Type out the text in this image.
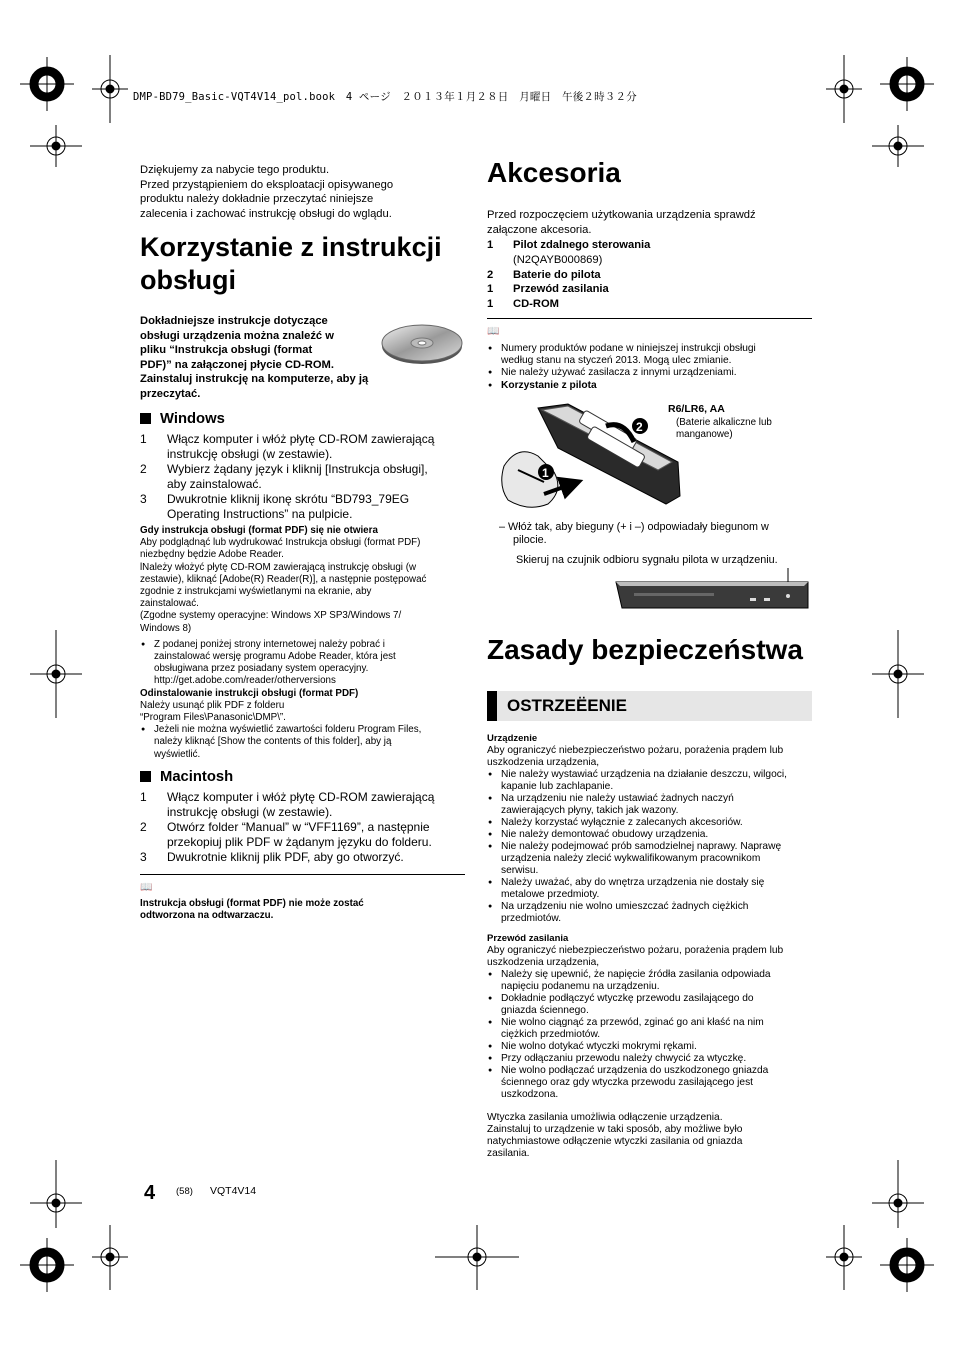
DMP-BD79_Basic-VQT4V14_pol.book　4 ページ　２０１３年１月２８日　月曜日　午後２時３２分
Dziękujemy za nabycie tego produktu.
Przed przystąpieniem do eksploatacji opisywanego
produktu należy dokładnie przeczytać niniejsze
zalecenia i zachować instrukcję obsługi do wglądu.
Korzystanie z instrukcji
obsługi
Dokładniejsze instrukcje dotyczące
obsługi urządzenia można znaleźć w
pliku “Instrukcja obsługi (format
PDF)” na załączonej płycie CD-ROM.
Zainstaluj instrukcję na komputerze, aby ją
przeczytać.
Windows
1 Włącz komputer i włóż płytę CD-ROM zawierającą
instrukcję obsługi (w zestawie).
2 Wybierz żądany język i kliknij [Instrukcja obsługi],
aby zainstalować.
3 Dwukrotnie kliknij ikonę skrótu “BD793_79EG
Operating Instructions” na pulpicie.
Gdy instrukcja obsługi (format PDF) się nie otwiera
Aby podglądnąć lub wydrukować Instrukcja obsługi (format PDF)
niezbędny będzie Adobe Reader.
lNależy włożyć płytę CD-ROM zawierającą instrukcję obsługi (w
zestawie), kliknąć [Adobe(R) Reader(R)], a następnie postępować
zgodnie z instrukcjami wyświetlanymi na ekranie, aby
zainstalować.
(Zgodne systemy operacyjne: Windows XP SP3/Windows 7/
Windows 8)
● Z podanej poniżej strony internetowej należy pobrać i
zainstalować wersję programu Adobe Reader, która jest
obsługiwana przez posiadany system operacyjny.
http://get.adobe.com/reader/otherversions
Odinstalowanie instrukcji obsługi (format PDF)
Należy usunąć plik PDF z folderu
“Program Files\Panasonic\DMP\”.
● Jeżeli nie można wyświetlić zawartości folderu Program Files,
należy kliknąć [Show the contents of this folder], aby ją
wyświetlić.
Macintosh
1 Włącz komputer i włóż płytę CD-ROM zawierającą
instrukcję obsługi (w zestawie).
2 Otwórz folder “Manual” w “VFF1169”, a następnie
przekopiuj plik PDF w żądanym języku do folderu.
3 Dwukrotnie kliknij plik PDF, aby go otworzyć.
📖
Instrukcja obsługi (format PDF) nie może zostać
odtworzona na odtwarzaczu.
Akcesoria
Przed rozpoczęciem użytkowania urządzenia sprawdź
załączone akcesoria.
1 Pilot zdalnego sterowania
(N2QAYB000869)
2 Baterie do pilota
1 Przewód zasilania
1 CD-ROM
📖
● Numery produktów podane w niniejszej instrukcji obsługi
według stanu na styczeń 2013. Mogą ulec zmianie.
● Nie należy używać zasilacza z innymi urządzeniami.
● Korzystanie z pilota
1
2
R6/LR6, AA
(Baterie alkaliczne lub
manganowe)
– Włóż tak, aby bieguny (+ i –) odpowiadały biegunom w
pilocie.
Skieruj na czujnik odbioru sygnału pilota w urządzeniu.
Zasady bezpieczeństwa
OSTRZEËENIE
Urządzenie
Aby ograniczyć niebezpieczeństwo pożaru, porażenia prądem lub
uszkodzenia urządzenia,
● Nie należy wystawiać urządzenia na działanie deszczu, wilgoci,
kapanie lub zachlapanie.
● Na urządzeniu nie należy ustawiać żadnych naczyń
zawierających płyny, takich jak wazony.
● Należy korzystać wyłącznie z zalecanych akcesoriów.
● Nie należy demontować obudowy urządzenia.
● Nie należy podejmować prób samodzielnej naprawy. Naprawę
urządzenia należy zlecić wykwalifikowanym pracownikom
serwisu.
● Należy uważać, aby do wnętrza urządzenia nie dostały się
metalowe przedmioty.
● Na urządzeniu nie wolno umieszczać żadnych ciężkich
przedmiotów.
Przewód zasilania
Aby ograniczyć niebezpieczeństwo pożaru, porażenia prądem lub
uszkodzenia urządzenia,
● Należy się upewnić, że napięcie źródła zasilania odpowiada
napięciu podanemu na urządzeniu.
● Dokładnie podłączyć wtyczkę przewodu zasilającego do
gniazda ściennego.
● Nie wolno ciągnąć za przewód, zginać go ani kłaść na nim
ciężkich przedmiotów.
● Nie wolno dotykać wtyczki mokrymi rękami.
● Przy odłączaniu przewodu należy chwycić za wtyczkę.
● Nie wolno podłączać urządzenia do uszkodzonego gniazda
ściennego oraz gdy wtyczka przewodu zasilającego jest
uszkodzona.
Wtyczka zasilania umożliwia odłączenie urządzenia.
Zainstaluj to urządzenie w taki sposób, aby możliwe było
natychmiastowe odłączenie wtyczki zasilania od gniazda
zasilania.
4 (58) VQT4V14
